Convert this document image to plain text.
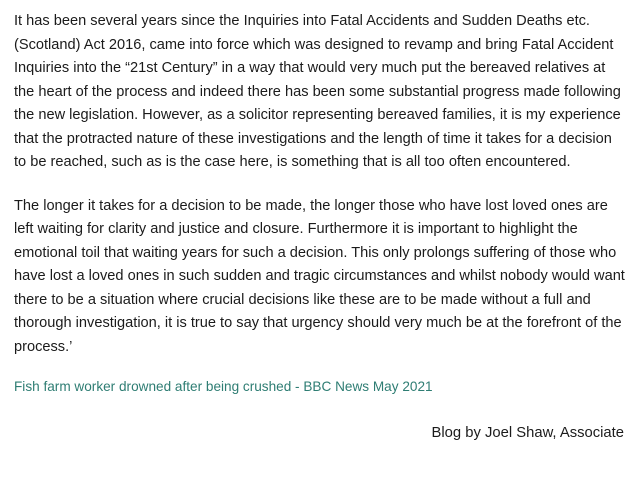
It has been several years since the Inquiries into Fatal Accidents and Sudden Deaths etc. (Scotland) Act 2016, came into force which was designed to revamp and bring Fatal Accident Inquiries into the “21st Century” in a way that would very much put the bereaved relatives at the heart of the process and indeed there has been some substantial progress made following the new legislation. However, as a solicitor representing bereaved families, it is my experience that the protracted nature of these investigations and the length of time it takes for a decision to be reached, such as is the case here, is something that is all too often encountered.

The longer it takes for a decision to be made, the longer those who have lost loved ones are left waiting for clarity and justice and closure. Furthermore it is important to highlight the emotional toil that waiting years for such a decision. This only prolongs suffering of those who have lost a loved ones in such sudden and tragic circumstances and whilst nobody would want there to be a situation where crucial decisions like these are to be made without a full and thorough investigation, it is true to say that urgency should very much be at the forefront of the process.’

Fish farm worker drowned after being crushed - BBC News May 2021
Blog by Joel Shaw, Associate
